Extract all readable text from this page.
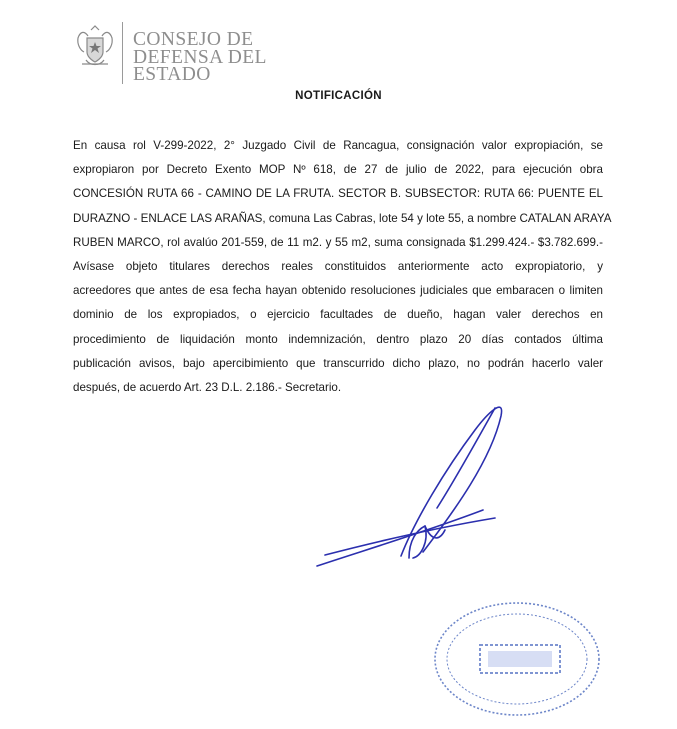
CONSEJO DE
DEFENSA DEL
ESTADO
NOTIFICACIÓN
En causa rol V-299-2022, 2° Juzgado Civil de Rancagua, consignación valor expropiación, se
expropiaron por Decreto Exento MOP Nº 618, de 27 de julio de 2022, para ejecución obra
CONCESIÓN RUTA 66 - CAMINO DE LA FRUTA. SECTOR B. SUBSECTOR: RUTA 66: PUENTE EL
DURAZNO - ENLACE LAS ARAÑAS, comuna Las Cabras, lote 54 y lote 55, a nombre CATALAN ARAYA
RUBEN MARCO, rol avalúo 201-559, de 11 m2. y 55 m2, suma consignada $1.299.424.- $3.782.699.-
Avísase objeto titulares derechos reales constituidos anteriormente acto expropiatorio, y
acreedores que antes de esa fecha hayan obtenido resoluciones judiciales que embaracen o limiten
dominio de los expropiados, o ejercicio facultades de dueño, hagan valer derechos en
procedimiento de liquidación monto indemnización, dentro plazo 20 días contados última
publicación avisos, bajo apercibimiento que transcurrido dicho plazo, no podrán hacerlo valer
después, de acuerdo Art. 23 D.L. 2.186.- Secretario.
